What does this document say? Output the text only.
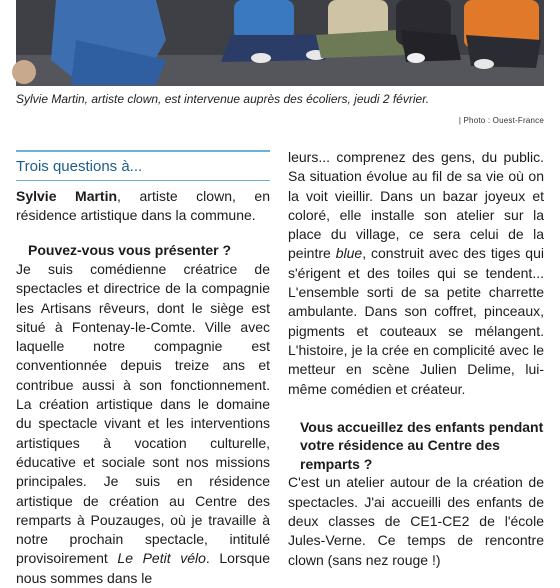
Sylvie Martin, artiste clown, est intervenue auprès des écoliers, jeudi 2 février.
| Photo : Ouest-France
Trois questions à...

Sylvie Martin, artiste clown, en résidence artistique dans la commune.

Pouvez-vous vous présenter ?

Je suis comédienne créatrice de spectacles et directrice de la compagnie les Artisans rêveurs, dont le siège est situé à Fontenay-le-Comte. Ville avec laquelle notre compagnie est conventionnée depuis treize ans et contribue aussi à son fonctionnement. La création artistique dans le domaine du spectacle vivant et les interventions artistiques à vocation culturelle, éducative et sociale sont nos missions principales. Je suis en résidence artistique de création au Centre des remparts à Pouzauges, où je travaille à notre prochain spectacle, intitulé provisoirement Le Petit vélo. Lorsque nous sommes dans le

leurs... comprenez des gens, du public. Sa situation évolue au fil de sa vie où on la voit vieillir. Dans un bazar joyeux et coloré, elle installe son atelier sur la place du village, ce sera celui de la peintre blue, construit avec des tiges qui s'érigent et des toiles qui se tendent... L'ensemble sorti de sa petite charrette ambulante. Dans son coffret, pinceaux, pigments et couteaux se mélangent. L'histoire, je la crée en complicité avec le metteur en scène Julien Delime, lui-même comédien et créateur.

Vous accueillez des enfants pendant votre résidence au Centre des remparts ?

C'est un atelier autour de la création de spectacles. J'ai accueilli des enfants de deux classes de CE1-CE2 de l'école Jules-Verne. Ce temps de rencontre clown (sans nez rouge !)
